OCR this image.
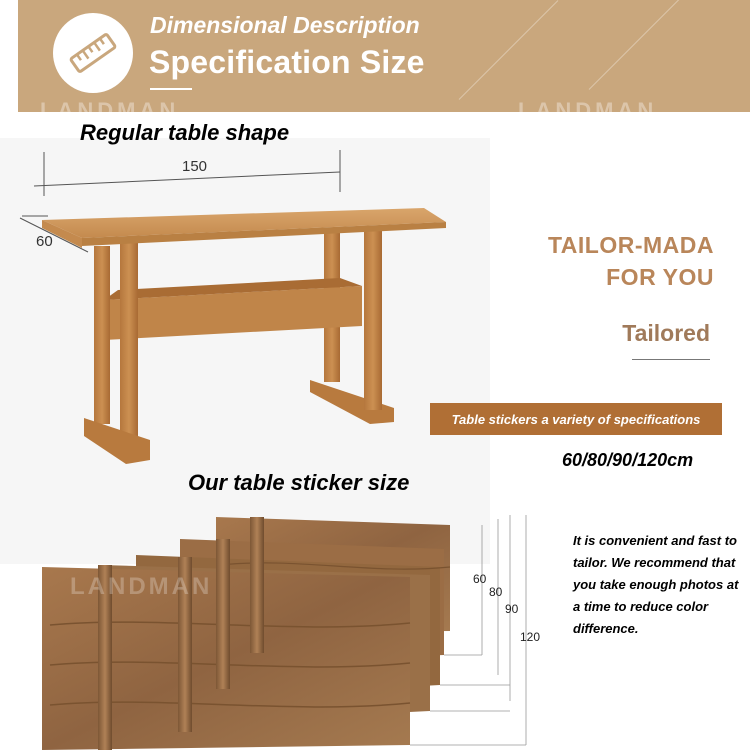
Dimensional Description
Specification Size
LANDMAN	LANDMAN
Regular table shape
150
60	TAILOR-MADA
FOR YOU
Tailored
Table stickers a variety of specifications
60/80/90/120cm
Our table sticker size
LANDMAN	60
80
90
120
It is convenient and fast to tailor. We recommend that you take enough photos at a time to reduce color difference.
